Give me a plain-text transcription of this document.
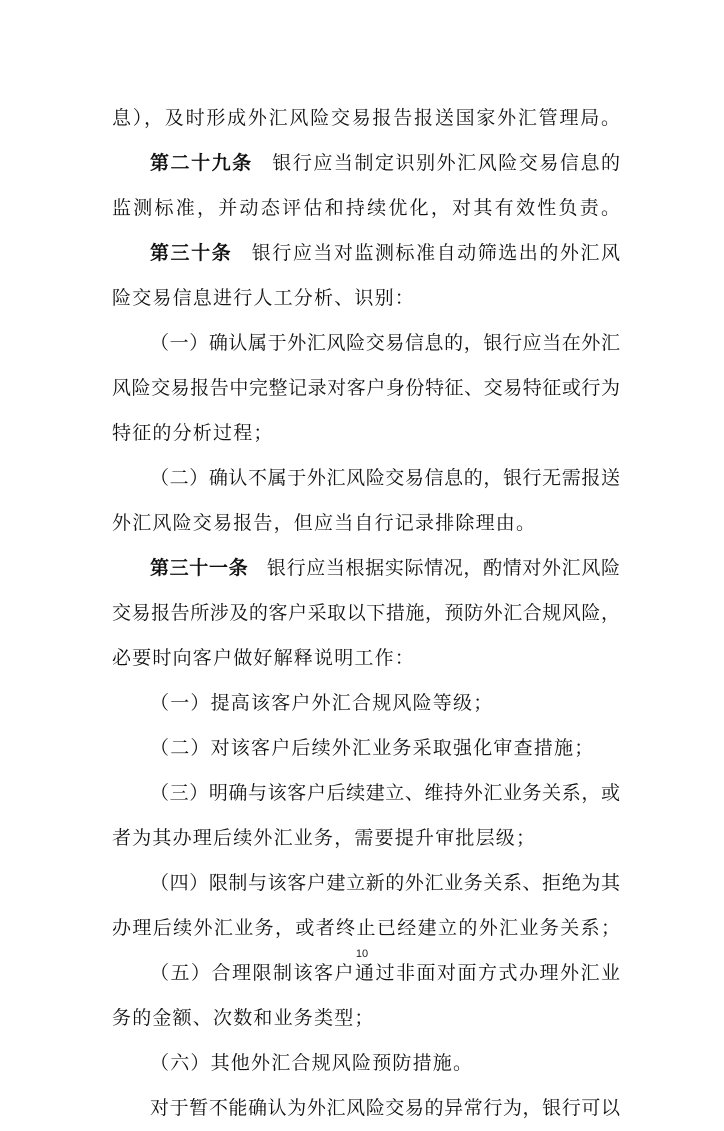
息），及时形成外汇风险交易报告报送国家外汇管理局。
第二十九条 银行应当制定识别外汇风险交易信息的
监测标准，并动态评估和持续优化，对其有效性负责。
第三十条 银行应当对监测标准自动筛选出的外汇风
险交易信息进行人工分析、识别：
（一）确认属于外汇风险交易信息的，银行应当在外汇
风险交易报告中完整记录对客户身份特征、交易特征或行为
特征的分析过程；
（二）确认不属于外汇风险交易信息的，银行无需报送
外汇风险交易报告，但应当自行记录排除理由。
第三十一条 银行应当根据实际情况，酌情对外汇风险
交易报告所涉及的客户采取以下措施，预防外汇合规风险，
必要时向客户做好解释说明工作：
（一）提高该客户外汇合规风险等级；
（二）对该客户后续外汇业务采取强化审查措施；
（三）明确与该客户后续建立、维持外汇业务关系，或
者为其办理后续外汇业务，需要提升审批层级；
（四）限制与该客户建立新的外汇业务关系、拒绝为其
办理后续外汇业务，或者终止已经建立的外汇业务关系；
（五）合理限制该客户通过非面对面方式办理外汇业
务的金额、次数和业务类型；
（六）其他外汇合规风险预防措施。
对于暂不能确认为外汇风险交易的异常行为，银行可以
10
